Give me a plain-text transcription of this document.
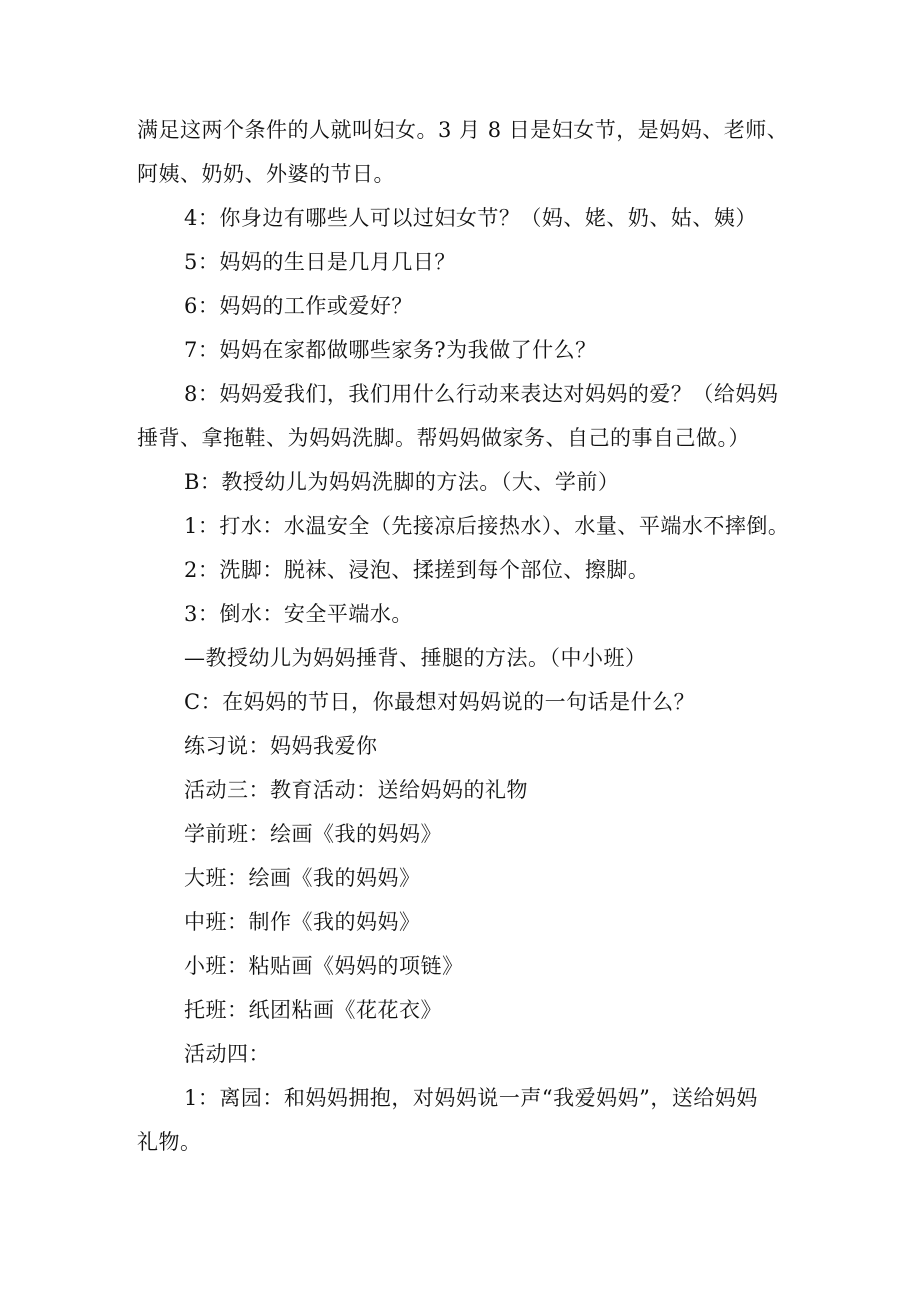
满足这两个条件的人就叫妇女。3 月 8 日是妇女节，是妈妈、老师、
阿姨、奶奶、外婆的节日。
4：你身边有哪些人可以过妇女节？（妈、姥、奶、姑、姨）
5：妈妈的生日是几月几日？
6：妈妈的工作或爱好？
7：妈妈在家都做哪些家务?为我做了什么？
8：妈妈爱我们，我们用什么行动来表达对妈妈的爱？（给妈妈
捶背、拿拖鞋、为妈妈洗脚。帮妈妈做家务、自己的事自己做。）
B：教授幼儿为妈妈洗脚的方法。（大、学前）
1：打水：水温安全（先接凉后接热水）、水量、平端水不摔倒。
2：洗脚：脱袜、浸泡、揉搓到每个部位、擦脚。
3：倒水：安全平端水。
—教授幼儿为妈妈捶背、捶腿的方法。（中小班）
C：在妈妈的节日，你最想对妈妈说的一句话是什么？
练习说：妈妈我爱你
活动三：教育活动：送给妈妈的礼物
学前班：绘画《我的妈妈》
大班：绘画《我的妈妈》
中班：制作《我的妈妈》
小班：粘贴画《妈妈的项链》
托班：纸团粘画《花花衣》
活动四：
1：离园：和妈妈拥抱，对妈妈说一声“我爱妈妈”，送给妈妈
礼物。
